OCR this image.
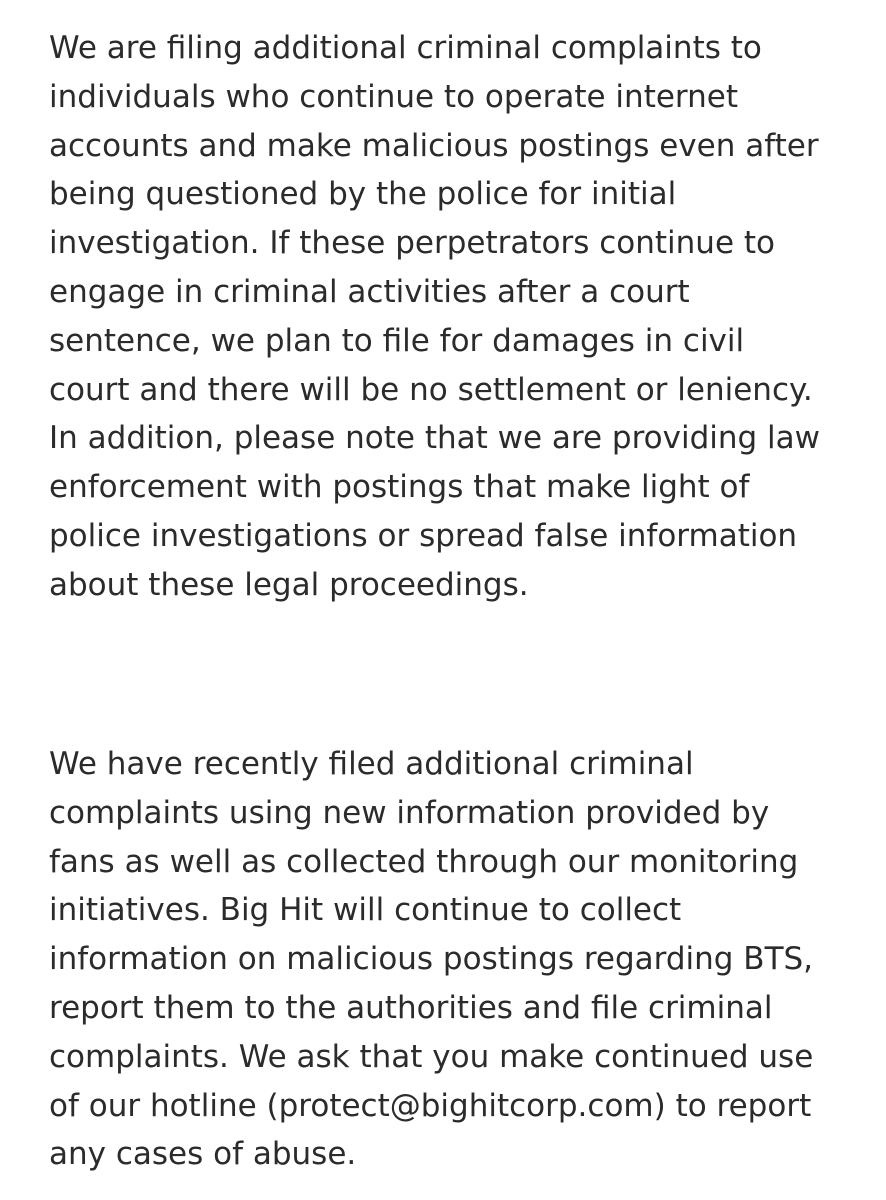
We are filing additional criminal complaints to
individuals who continue to operate internet
accounts and make malicious postings even after
being questioned by the police for initial
investigation. If these perpetrators continue to
engage in criminal activities after a court
sentence, we plan to file for damages in civil
court and there will be no settlement or leniency.
In addition, please note that we are providing law
enforcement with postings that make light of
police investigations or spread false information
about these legal proceedings.
We have recently filed additional criminal
complaints using new information provided by
fans as well as collected through our monitoring
initiatives. Big Hit will continue to collect
information on malicious postings regarding BTS,
report them to the authorities and file criminal
complaints. We ask that you make continued use
of our hotline (protect@bighitcorp.com) to report
any cases of abuse.
